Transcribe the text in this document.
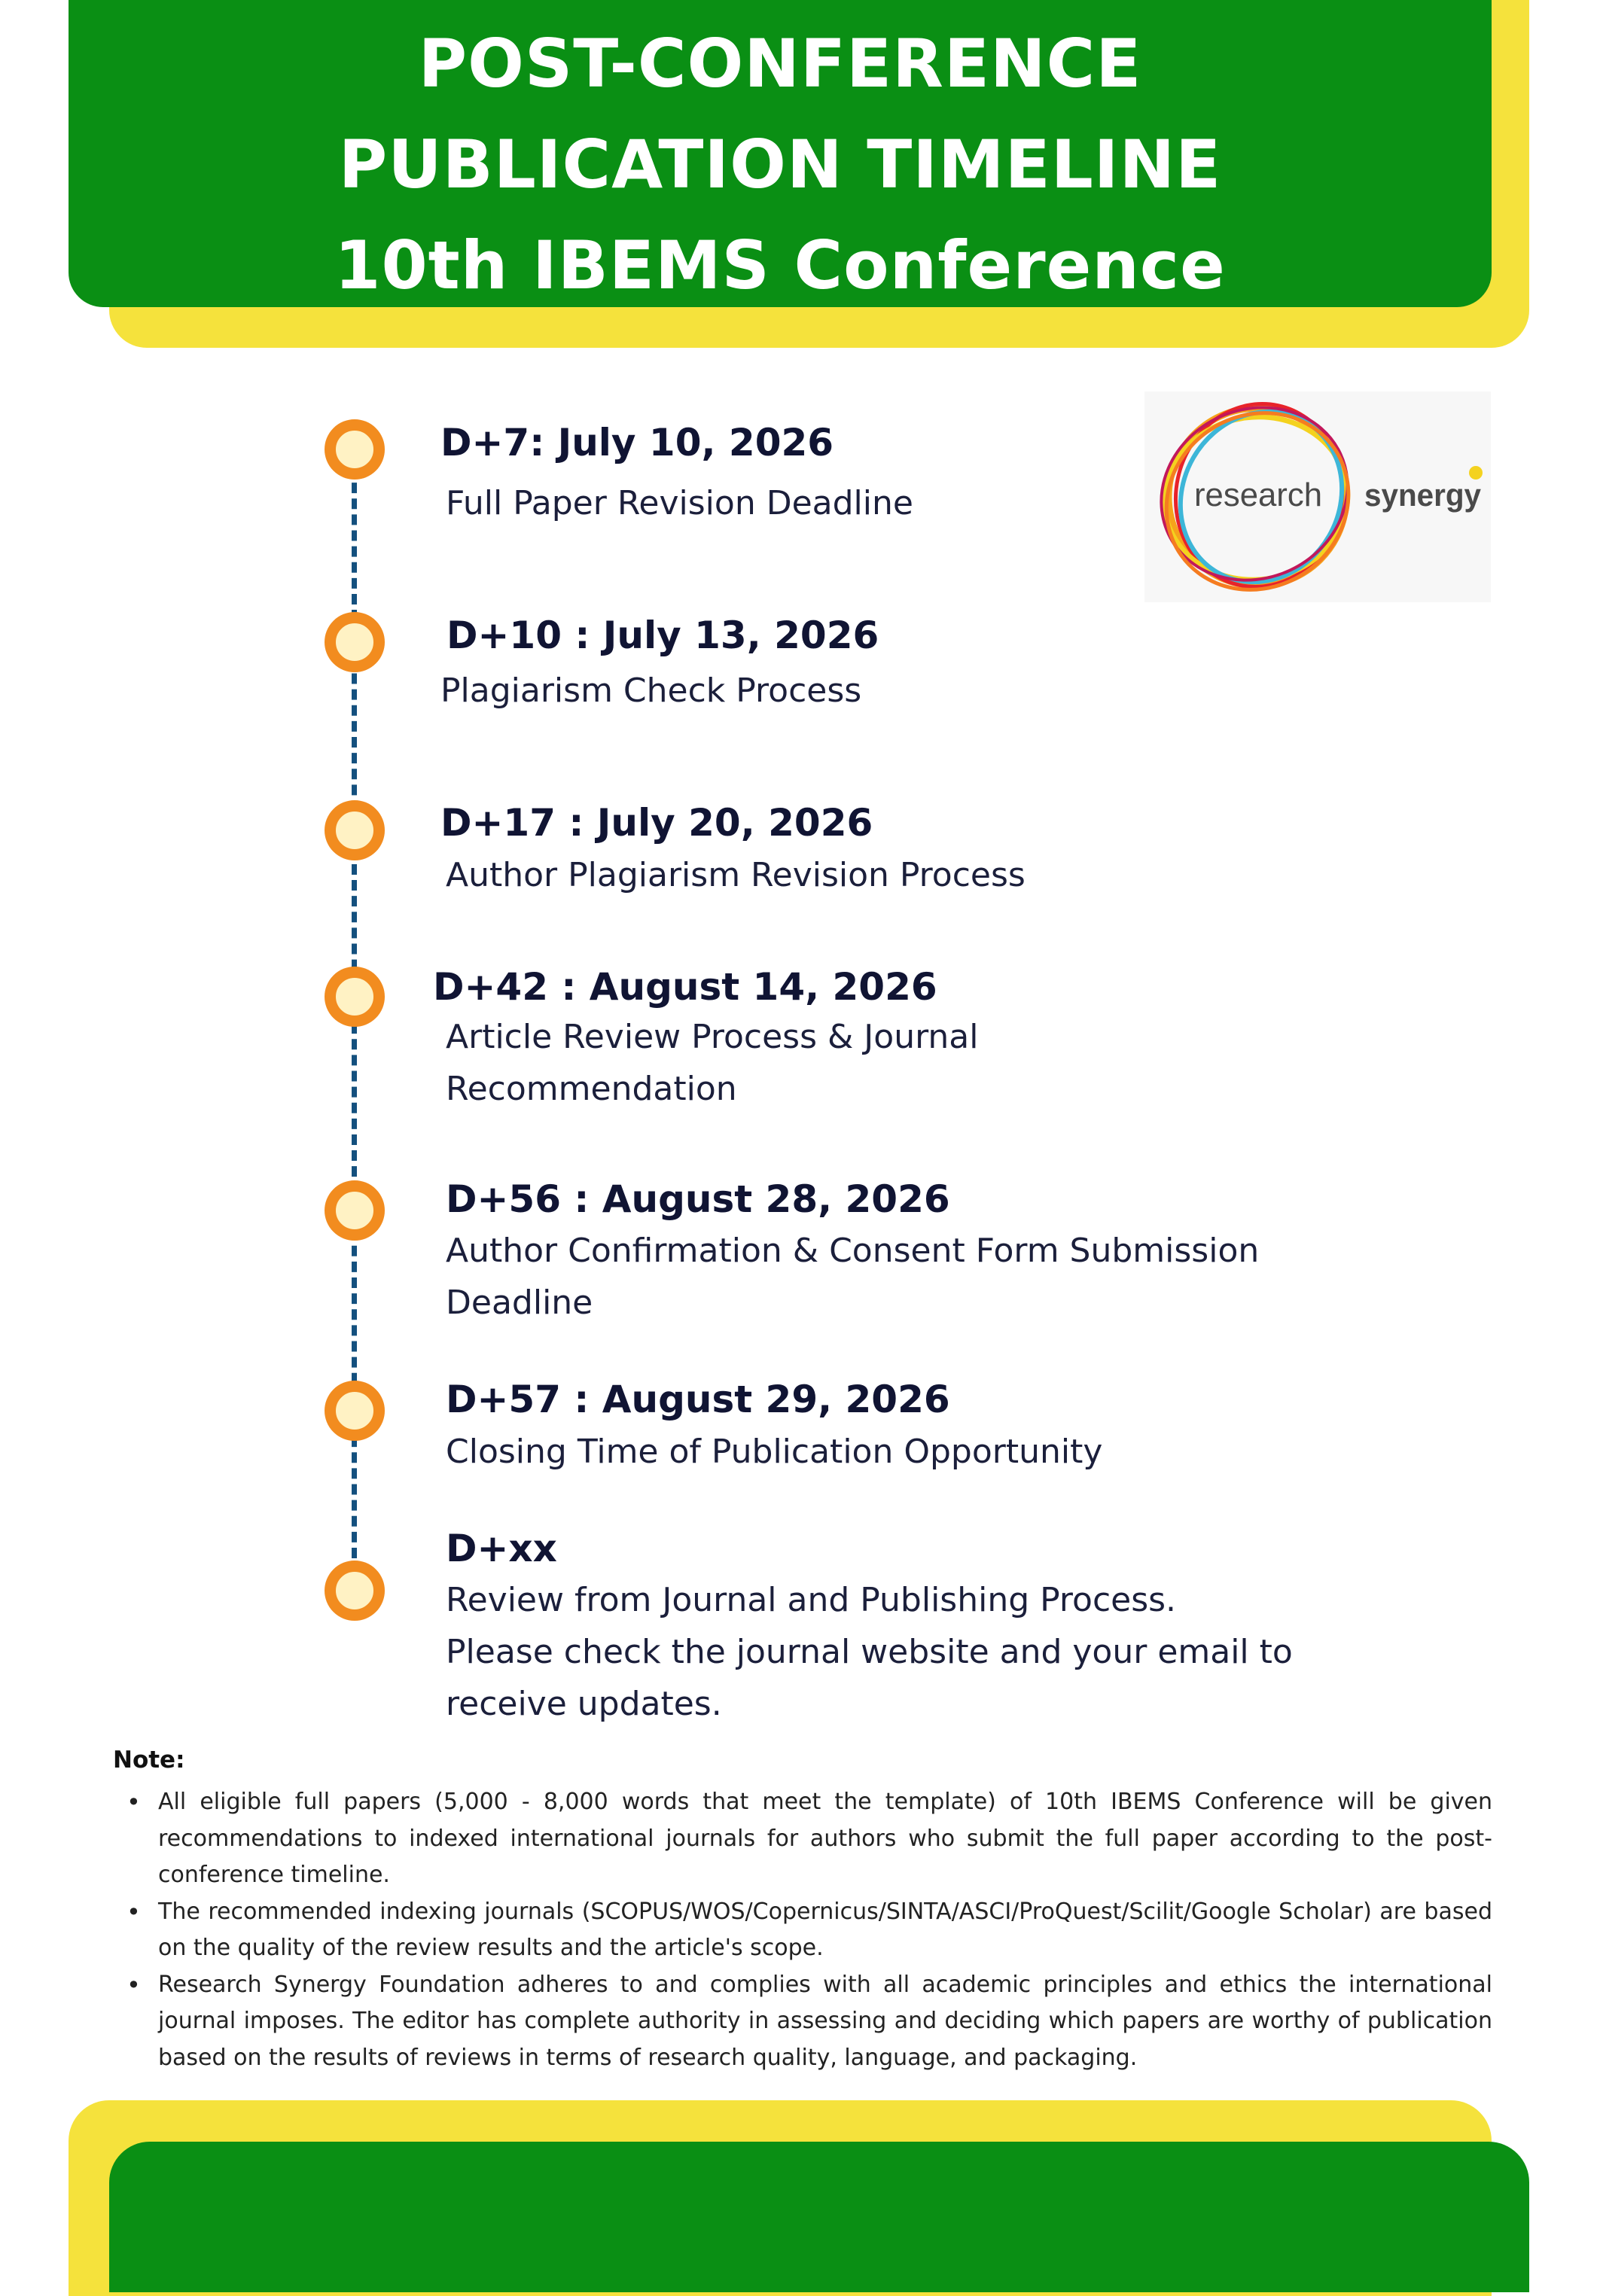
POST-CONFERENCE
PUBLICATION TIMELINE
10th IBEMS Conference
research synergy

D+7: July 10, 2026

Full Paper Revision Deadline

D+10 : July 13, 2026

Plagiarism Check Process

D+17 : July 20, 2026

Author Plagiarism Revision Process

D+42 : August 14, 2026

Article Review Process & Journal
Recommendation

D+56 : August 28, 2026

Author Confirmation & Consent Form Submission
Deadline

D+57 : August 29, 2026

Closing Time of Publication Opportunity

D+xx

Review from Journal and Publishing Process.
Please check the journal website and your email to
receive updates.

Note:

• All eligible full papers (5,000 - 8,000 words that meet the template) of 10th IBEMS Conference will be given recommendations to indexed international journals for authors who submit the full paper according to the post-conference timeline.
• The recommended indexing journals (SCOPUS/WOS/Copernicus/SINTA/ASCI/ProQuest/Scilit/Google Scholar) are based on the quality of the review results and the article's scope.
• Research Synergy Foundation adheres to and complies with all academic principles and ethics the international journal imposes. The editor has complete authority in assessing and deciding which papers are worthy of publication based on the results of reviews in terms of research quality, language, and packaging.
